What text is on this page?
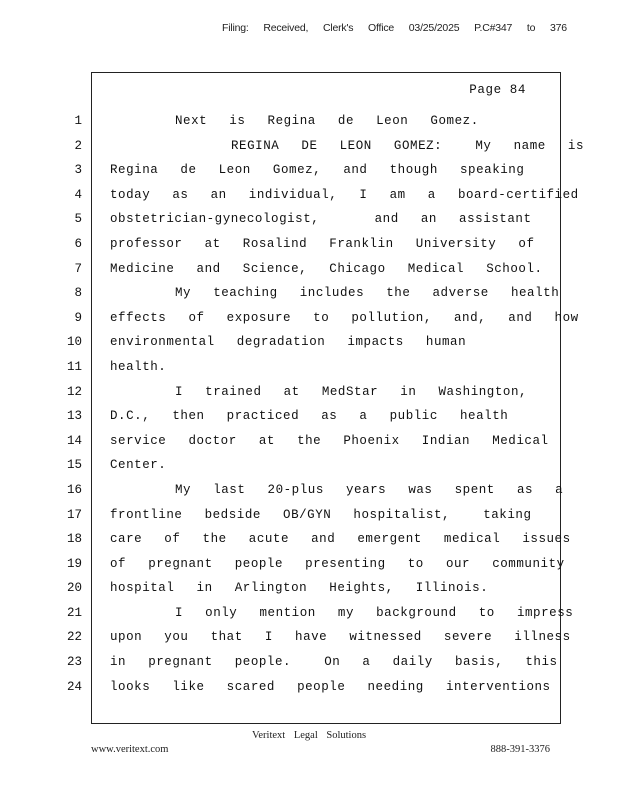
Filing: Received, Clerk's Office 03/25/2025 P.C#347 to 376
Page 84
1
2
3
4
5
6
7
8
9
10
11
12
13
14
15
16
17
18
19
20
21
22
23
24
Next  is  Regina  de  Leon  Gomez.
REGINA  DE  LEON  GOMEZ:   My  name  is
Regina  de  Leon  Gomez,  and  though  speaking
today  as  an  individual,  I  am  a  board-certified
obstetrician-gynecologist,     and  an  assistant
professor  at  Rosalind  Franklin  University  of
Medicine  and  Science,  Chicago  Medical  School.
My  teaching  includes  the  adverse  health
effects  of  exposure  to  pollution,  and,  and  how
environmental  degradation  impacts  human
health.
I  trained  at  MedStar  in  Washington,
D.C.,  then  practiced  as  a  public  health
service  doctor  at  the  Phoenix  Indian  Medical
Center.
My  last  20-plus  years  was  spent  as  a
frontline  bedside  OB/GYN  hospitalist,   taking
care  of  the  acute  and  emergent  medical  issues
of  pregnant  people  presenting  to  our  community
hospital  in  Arlington  Heights,  Illinois.
I  only  mention  my  background  to  impress
upon  you  that  I  have  witnessed  severe  illness
in  pregnant  people.   On  a  daily  basis,  this
looks  like  scared  people  needing  interventions
Veritext Legal Solutions
www.veritext.com	888-391-3376
